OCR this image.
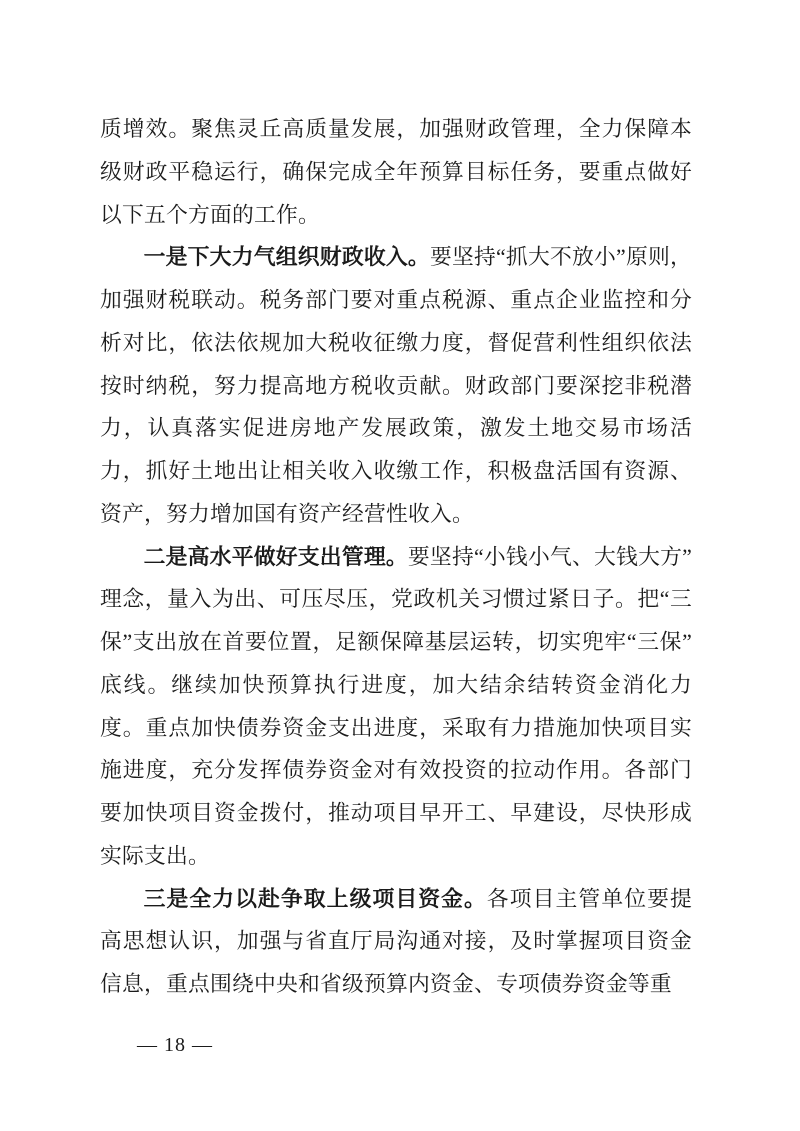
质增效。聚焦灵丘高质量发展，加强财政管理，全力保障本级财政平稳运行，确保完成全年预算目标任务，要重点做好以下五个方面的工作。

一是下大力气组织财政收入。要坚持“抓大不放小”原则，加强财税联动。税务部门要对重点税源、重点企业监控和分析对比，依法依规加大税收征缴力度，督促营利性组织依法按时纳税，努力提高地方税收贡献。财政部门要深挖非税潜力，认真落实促进房地产发展政策，激发土地交易市场活力，抓好土地出让相关收入收缴工作，积极盘活国有资源、资产，努力增加国有资产经营性收入。

二是高水平做好支出管理。要坚持“小钱小气、大钱大方”理念，量入为出、可压尽压，党政机关习惯过紧日子。把“三保”支出放在首要位置，足额保障基层运转，切实兜牢“三保”底线。继续加快预算执行进度，加大结余结转资金消化力度。重点加快债券资金支出进度，采取有力措施加快项目实施进度，充分发挥债券资金对有效投资的拉动作用。各部门要加快项目资金拨付，推动项目早开工、早建设，尽快形成实际支出。

三是全力以赴争取上级项目资金。各项目主管单位要提高思想认识，加强与省直厅局沟通对接，及时掌握项目资金信息，重点围绕中央和省级预算内资金、专项债券资金等重

— 18 —
